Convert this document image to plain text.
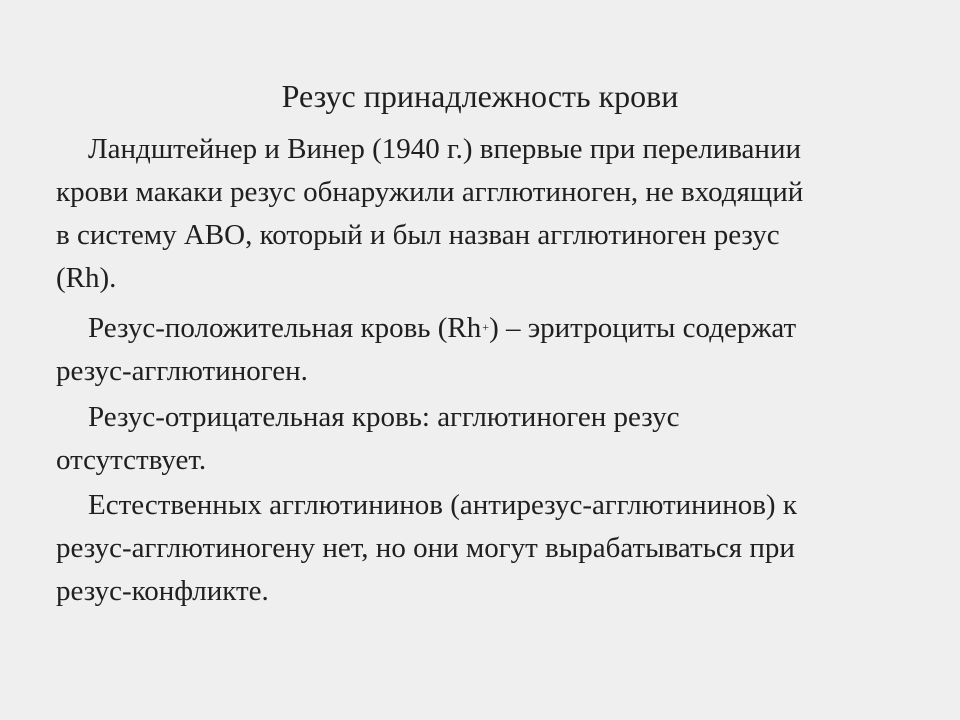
Резус принадлежность крови
Ландштейнер и Винер (1940 г.) впервые при переливании
крови макаки резус обнаружили агглютиноген, не входящий
в систему АВО, который и был назван агглютиноген резус
(Rh).
Резус-положительная кровь (Rh+) – эритроциты содержат
резус-агглютиноген.
Резус-отрицательная кровь: агглютиноген резус
отсутствует.
Естественных агглютининов (антирезус-агглютининов) к
резус-агглютиногену нет, но они могут вырабатываться при
резус-конфликте.
